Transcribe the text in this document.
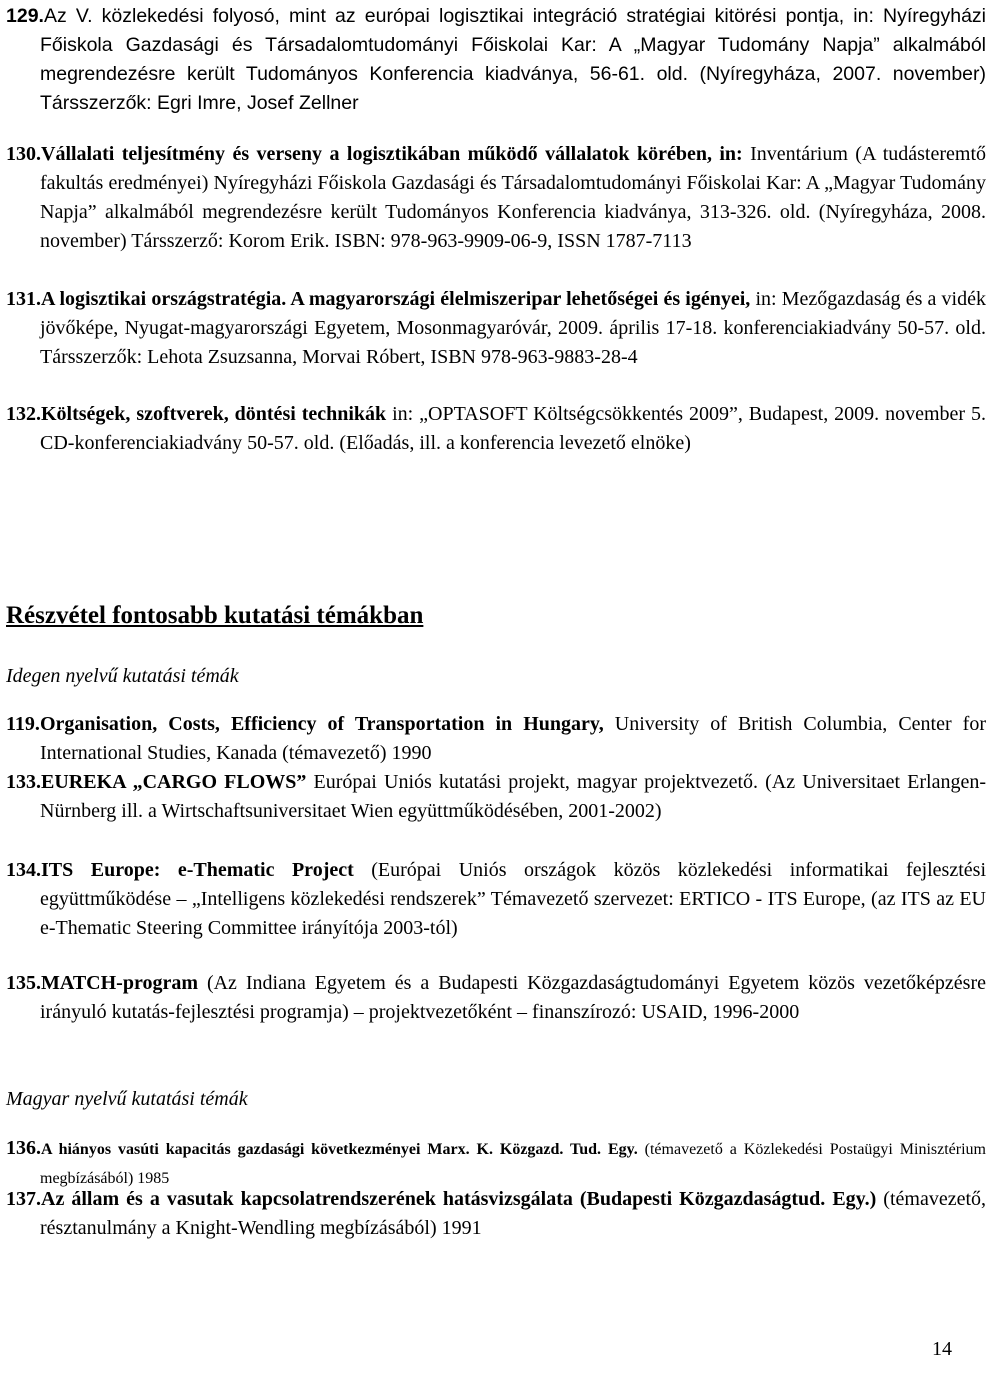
129.Az V. közlekedési folyosó, mint az európai logisztikai integráció stratégiai kitörési pontja, in: Nyíregyházi Főiskola Gazdasági és Társadalomtudományi Főiskolai Kar: A „Magyar Tudomány Napja” alkalmából megrendezésre került Tudományos Konferencia kiadványa, 56-61. old. (Nyíregyháza, 2007. november) Társszerzők: Egri Imre, Josef Zellner
130.Vállalati teljesítmény és verseny a logisztikában működő vállalatok körében, in: Inventárium (A tudásteremtő fakultás eredményei) Nyíregyházi Főiskola Gazdasági és Társadalomtudományi Főiskolai Kar: A „Magyar Tudomány Napja” alkalmából megrendezésre került Tudományos Konferencia kiadványa, 313-326. old. (Nyíregyháza, 2008. november) Társszerző: Korom Erik. ISBN: 978-963-9909-06-9, ISSN 1787-7113
131.A logisztikai országstratégia. A magyarországi élelmiszeripar lehetőségei és igényei, in: Mezőgazdaság és a vidék jövőképe, Nyugat-magyarországi Egyetem, Mosonmagyaróvár, 2009. április 17-18. konferenciakiadvány 50-57. old. Társszerzők: Lehota Zsuzsanna, Morvai Róbert, ISBN 978-963-9883-28-4
132.Költségek, szoftverek, döntési technikák in: „OPTASOFT Költségcsökkentés 2009”, Budapest, 2009. november 5. CD-konferenciakiadvány 50-57. old. (Előadás, ill. a konferencia levezető elnöke)
Részvétel fontosabb kutatási témákban
Idegen nyelvű kutatási témák
119.Organisation, Costs, Efficiency of Transportation in Hungary, University of British Columbia, Center for International Studies, Kanada (témavezető) 1990
133.EUREKA „CARGO FLOWS” Európai Uniós kutatási projekt, magyar projektvezető. (Az Universitaet Erlangen-Nürnberg ill. a Wirtschaftsuniversitaet Wien együttműködésében, 2001-2002)
134.ITS Europe: e-Thematic Project (Európai Uniós országok közös közlekedési informatikai fejlesztési együttműködése – „Intelligens közlekedési rendszerek” Témavezető szervezet: ERTICO - ITS Europe, (az ITS az EU e-Thematic Steering Committee irányítója 2003-tól)
135.MATCH-program (Az Indiana Egyetem és a Budapesti Közgazdaságtudományi Egyetem közös vezetőképzésre irányuló kutatás-fejlesztési programja) – projektvezetőként – finanszírozó: USAID, 1996-2000
Magyar nyelvű kutatási témák
136.A hiányos vasúti kapacitás gazdasági következményei Marx. K. Közgazd. Tud. Egy. (témavezető a Közlekedési Postaügyi Minisztérium megbízásából) 1985
137.Az állam és a vasutak kapcsolatrendszerének hatásvizsgálata (Budapesti Közgazdaságtud. Egy.) (témavezető, résztanulmány a Knight-Wendling megbízásából) 1991
14
